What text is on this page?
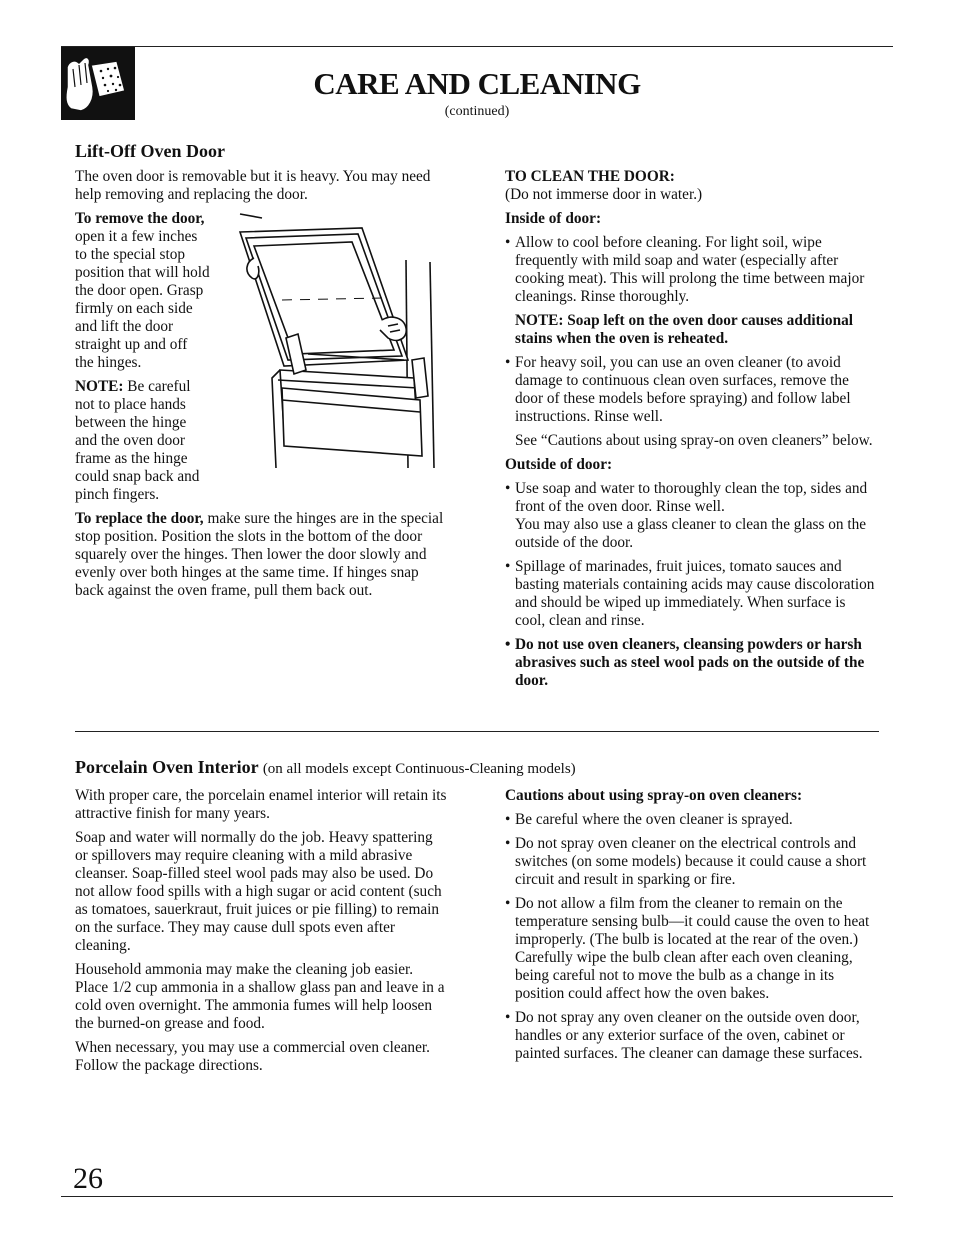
CARE AND CLEANING
(continued)
Lift-Off Oven Door

The oven door is removable but it is heavy. You may need help removing and replacing the door.

To remove the door,
open it a few inches
to the special stop
position that will hold
the door open. Grasp
firmly on each side
and lift the door
straight up and off
the hinges.
NOTE: Be careful
not to place hands
between the hinge
and the oven door
frame as the hinge
could snap back and
pinch fingers.

To replace the door, make sure the hinges are in the special stop position. Position the slots in the bottom of the door squarely over the hinges. Then lower the door slowly and evenly over both hinges at the same time. If hinges snap back against the oven frame, pull them back out.

TO CLEAN THE DOOR:

(Do not immerse door in water.)

Inside of door:

• Allow to cool before cleaning. For light soil, wipe frequently with mild soap and water (especially after cooking meat). This will prolong the time between major cleanings. Rinse thoroughly.
NOTE: Soap left on the oven door causes additional stains when the oven is reheated.
• For heavy soil, you can use an oven cleaner (to avoid damage to continuous clean oven surfaces, remove the door of these models before spraying) and follow label instructions. Rinse well.
See “Cautions about using spray-on oven cleaners” below.

Outside of door:

• Use soap and water to thoroughly clean the top, sides and front of the oven door. Rinse well.
You may also use a glass cleaner to clean the glass on the outside of the door.
• Spillage of marinades, fruit juices, tomato sauces and basting materials containing acids may cause discoloration and should be wiped up immediately. When surface is cool, clean and rinse.
• Do not use oven cleaners, cleansing powders or harsh abrasives such as steel wool pads on the outside of the door.
Porcelain Oven Interior (on all models except Continuous-Cleaning models)

With proper care, the porcelain enamel interior will retain its attractive finish for many years.

Soap and water will normally do the job. Heavy spattering or spillovers may require cleaning with a mild abrasive cleanser. Soap-filled steel wool pads may also be used. Do not allow food spills with a high sugar or acid content (such as tomatoes, sauerkraut, fruit juices or pie filling) to remain on the surface. They may cause dull spots even after cleaning.

Household ammonia may make the cleaning job easier. Place 1/2 cup ammonia in a shallow glass pan and leave in a cold oven overnight. The ammonia fumes will help loosen the burned-on grease and food.

When necessary, you may use a commercial oven cleaner. Follow the package directions.

Cautions about using spray-on oven cleaners:

• Be careful where the oven cleaner is sprayed.
• Do not spray oven cleaner on the electrical controls and switches (on some models) because it could cause a short circuit and result in sparking or fire.
• Do not allow a film from the cleaner to remain on the temperature sensing bulb—it could cause the oven to heat improperly. (The bulb is located at the rear of the oven.) Carefully wipe the bulb clean after each oven cleaning, being careful not to move the bulb as a change in its position could affect how the oven bakes.
• Do not spray any oven cleaner on the outside oven door, handles or any exterior surface of the oven, cabinet or painted surfaces. The cleaner can damage these surfaces.
26
